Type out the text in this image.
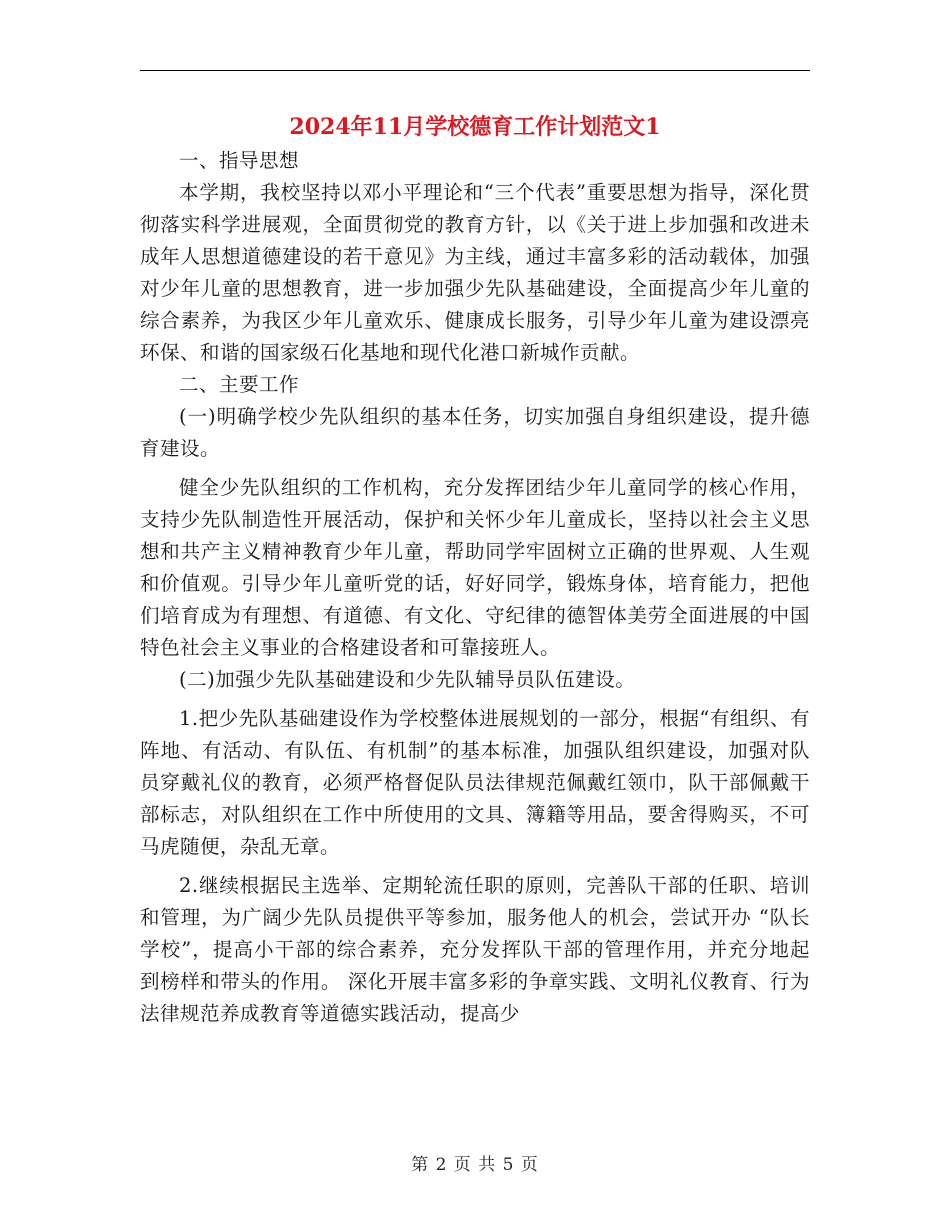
2024年11月学校德育工作计划范文1

一、指导思想

本学期，我校坚持以邓小平理论和“三个代表”重要思想为指导，深化贯彻落实科学进展观，全面贯彻党的教育方针，以《关于进上步加强和改进未成年人思想道德建设的若干意见》为主线，通过丰富多彩的活动载体，加强对少年儿童的思想教育，进一步加强少先队基础建设，全面提高少年儿童的综合素养，为我区少年儿童欢乐、健康成长服务，引导少年儿童为建设漂亮环保、和谐的国家级石化基地和现代化港口新城作贡献。

二、主要工作

(一)明确学校少先队组织的基本任务，切实加强自身组织建设，提升德育建设。

健全少先队组织的工作机构，充分发挥团结少年儿童同学的核心作用，支持少先队制造性开展活动，保护和关怀少年儿童成长，坚持以社会主义思想和共产主义精神教育少年儿童，帮助同学牢固树立正确的世界观、人生观和价值观。引导少年儿童听党的话，好好同学，锻炼身体，培育能力，把他们培育成为有理想、有道德、有文化、守纪律的德智体美劳全面进展的中国特色社会主义事业的合格建设者和可靠接班人。

(二)加强少先队基础建设和少先队辅导员队伍建设。

1.把少先队基础建设作为学校整体进展规划的一部分，根据“有组织、有阵地、有活动、有队伍、有机制”的基本标准，加强队组织建设，加强对队员穿戴礼仪的教育，必须严格督促队员法律规范佩戴红领巾，队干部佩戴干部标志，对队组织在工作中所使用的文具、簿籍等用品，要舍得购买，不可马虎随便，杂乱无章。

2.继续根据民主选举、定期轮流任职的原则，完善队干部的任职、培训和管理，为广阔少先队员提供平等参加，服务他人的机会，尝试开办 “队长学校”，提高小干部的综合素养，充分发挥队干部的管理作用，并充分地起到榜样和带头的作用。 深化开展丰富多彩的争章实践、文明礼仪教育、行为法律规范养成教育等道德实践活动，提高少

第 2 页 共 5 页
